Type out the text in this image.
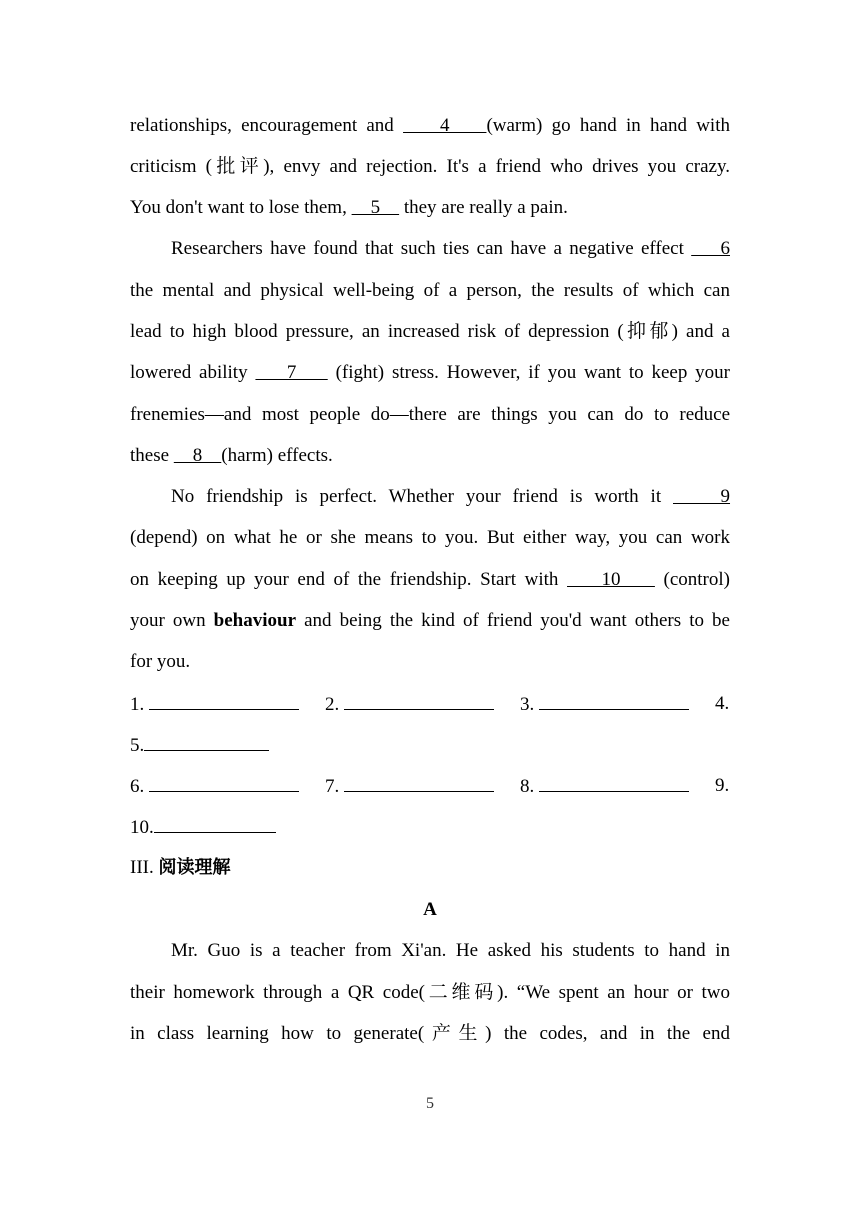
relationships, encouragement and     4    (warm) go hand in hand with
criticism (批评), envy and rejection. It's a friend who drives you crazy.
You don't want to lose them,     5     they are really a pain.
Researchers have found that such ties can have a negative effect     6
the mental and physical well-being of a person, the results of which can
lead to high blood pressure, an increased risk of depression (抑郁) and a
lowered ability     7     (fight) stress. However, if you want to keep your
frenemies—and most people do—there are things you can do to reduce
these     8    (harm) effects.
No friendship is perfect. Whether your friend is worth it     9
(depend) on what he or she means to you. But either way, you can work
on keeping up your end of the friendship. Start with     10     (control)
your own behaviour and being the kind of friend you'd want others to be
for you.
1.	2.	3.	4.
5.
6.	7.	8.	9.
10.
III. 阅读理解
A
Mr. Guo is a teacher from Xi'an. He asked his students to hand in
their homework through a QR code(二维码). “We spent an hour or two
in class learning how to generate(产生) the codes, and in the end
5
